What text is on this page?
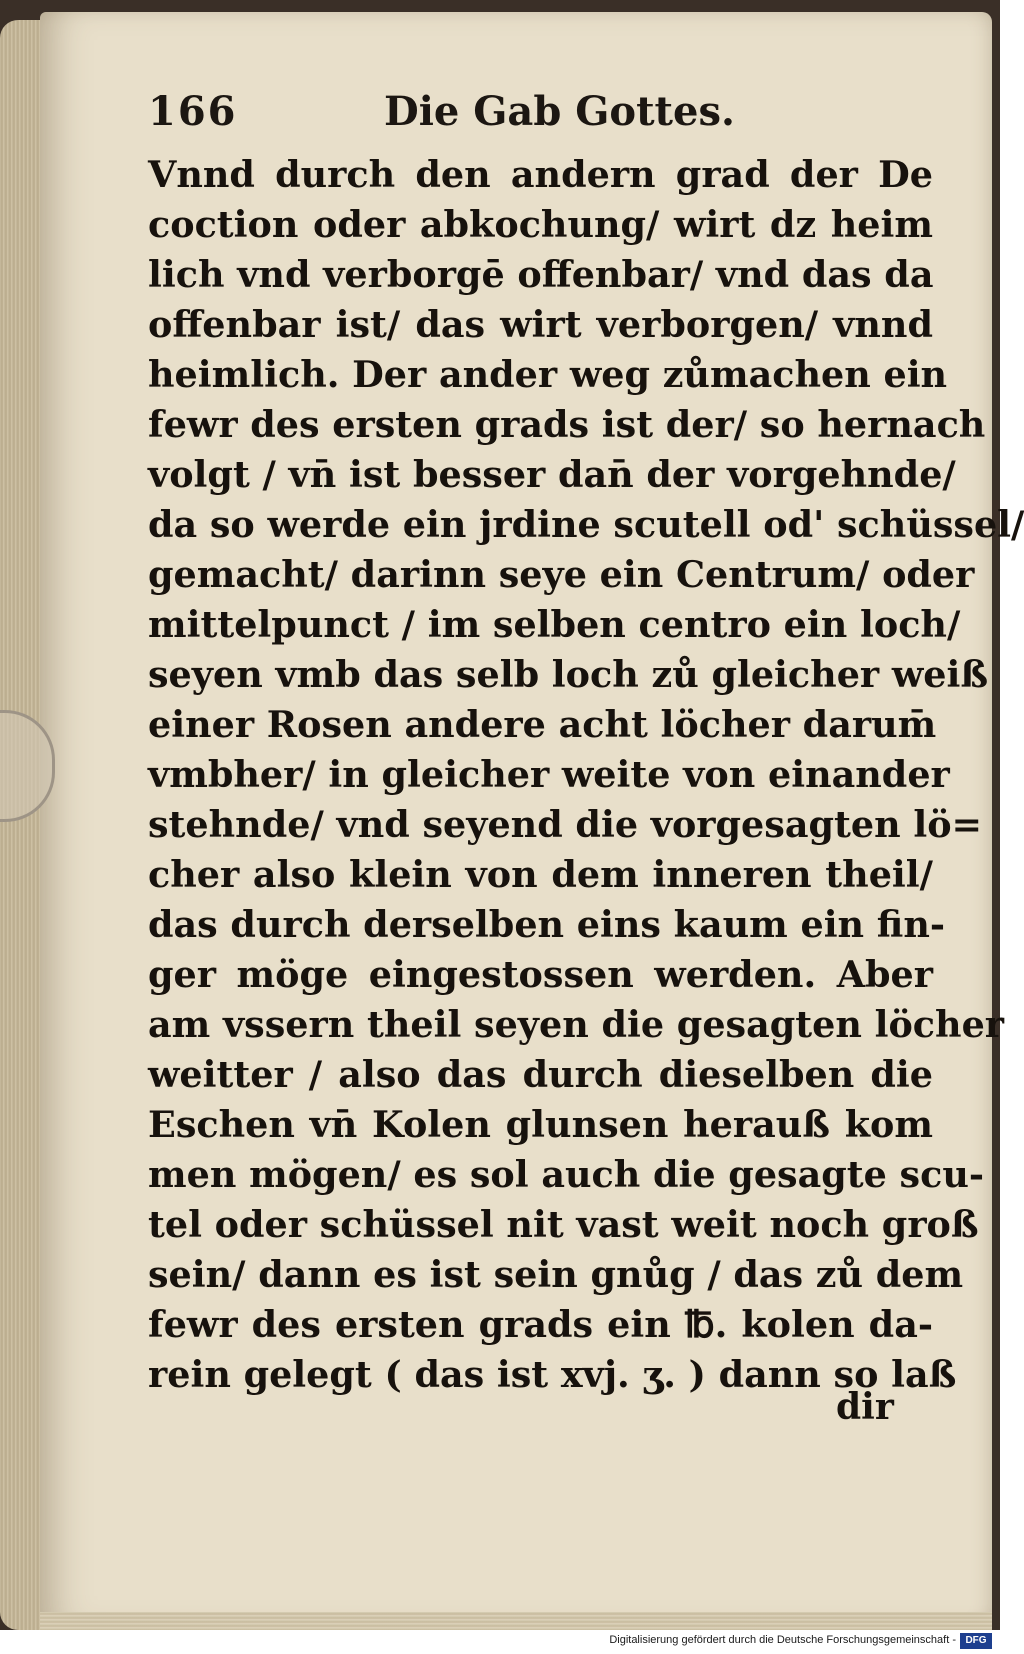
166	Die Gab Gottes.
Vnnd durch den andern grad der De
coction oder abkochung/ wirt dz heim
lich vnd verborgē offenbar/ vnd das da
offenbar ist/ das wirt verborgen/ vnnd
heimlich. Der ander weg zůmachen ein
fewr des ersten grads ist der/ so hernach
volgt / vn̄ ist besser dan̄ der vorgehnde/
da so werde ein jrdine scutell od' schüssel/
gemacht/ darinn seye ein Centrum/ oder
mittelpunct / im selben centro ein loch/
seyen vmb das selb loch zů gleicher weiß
einer Rosen andere acht löcher darum̄
vmbher/ in gleicher weite von einander
stehnde/ vnd seyend die vorgesagten lö=
cher also klein von dem inneren theil/
das durch derselben eins kaum ein fin-
ger möge eingestossen werden. Aber
am vssern theil seyen die gesagten löcher
weitter / also das durch dieselben die
Eschen vn̄ Kolen glunsen herauß kom
men mögen/ es sol auch die gesagte scu-
tel oder schüssel nit vast weit noch groß
sein/ dann es ist sein gnůg / das zů dem
fewr des ersten grads ein ℔. kolen da-
rein gelegt ( das ist xvj. ʒ. ) dann so laß
dir
Digitalisierung gefördert durch die Deutsche Forschungsgemeinschaft - DFG
